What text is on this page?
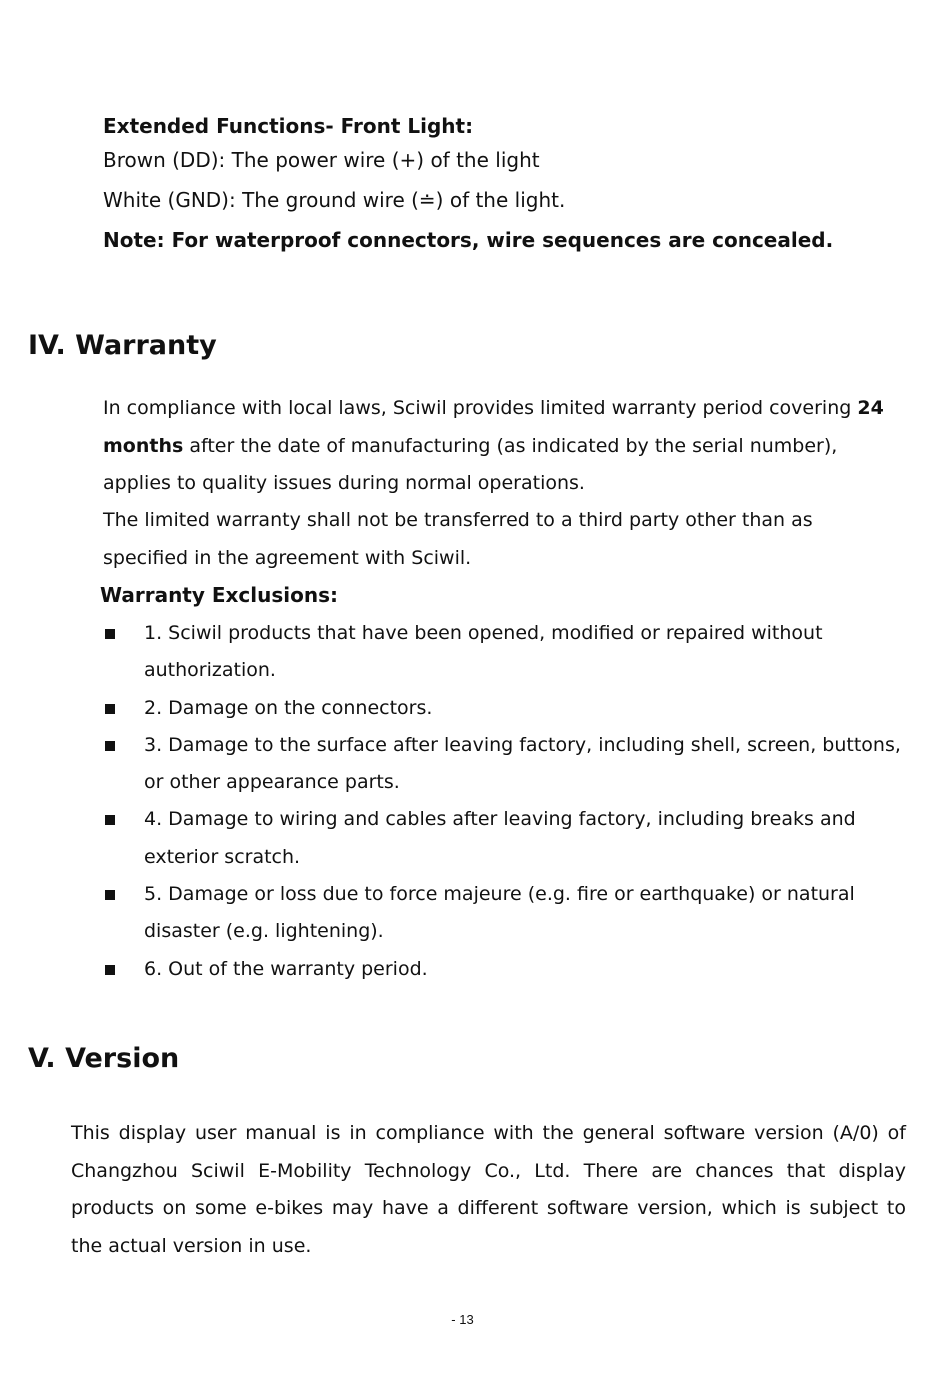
Extended Functions- Front Light:
Brown (DD): The power wire (+) of the light
White (GND): The ground wire (≐) of the light.
Note: For waterproof connectors, wire sequences are concealed.
IV. Warranty
In compliance with local laws, Sciwil provides limited warranty period covering 24 months after the date of manufacturing (as indicated by the serial number), applies to quality issues during normal operations.
The limited warranty shall not be transferred to a third party other than as specified in the agreement with Sciwil.
Warranty Exclusions:
1. Sciwil products that have been opened, modified or repaired without authorization.
2. Damage on the connectors.
3. Damage to the surface after leaving factory, including shell, screen, buttons, or other appearance parts.
4. Damage to wiring and cables after leaving factory, including breaks and exterior scratch.
5. Damage or loss due to force majeure (e.g. fire or earthquake) or natural disaster (e.g. lightening).
6. Out of the warranty period.
V. Version
This display user manual is in compliance with the general software version (A/0) of Changzhou Sciwil E-Mobility Technology Co., Ltd. There are chances that display products on some e-bikes may have a different software version, which is subject to the actual version in use.
- 13
